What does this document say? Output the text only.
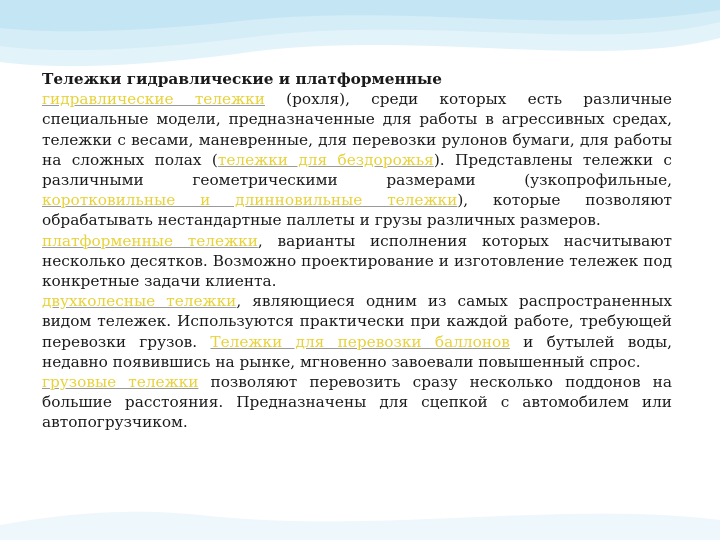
Тележки гидравлические и платформенные

гидравлические тележки (рохля), среди которых есть различные специальные модели, предназначенные для работы в агрессивных средах, тележки с весами, маневренные, для перевозки рулонов бумаги, для работы на сложных полах (тележки для бездорожья). Представлены тележки с различными геометрическими размерами (узкопрофильные, коротковильные и длинновильные тележки), которые позволяют обрабатывать нестандартные паллеты и грузы различных размеров.

платформенные тележки, варианты исполнения которых насчитывают несколько десятков. Возможно проектирование и изготовление тележек под конкретные задачи клиента.

двухколесные тележки, являющиеся одним из самых распространенных видом тележек. Используются практически при каждой работе, требующей перевозки грузов. Тележки для перевозки баллонов и бутылей воды, недавно появившись на рынке, мгновенно завоевали повышенный спрос.

грузовые тележки позволяют перевозить сразу несколько поддонов на большие расстояния. Предназначены для сцепкой с автомобилем или автопогрузчиком.
